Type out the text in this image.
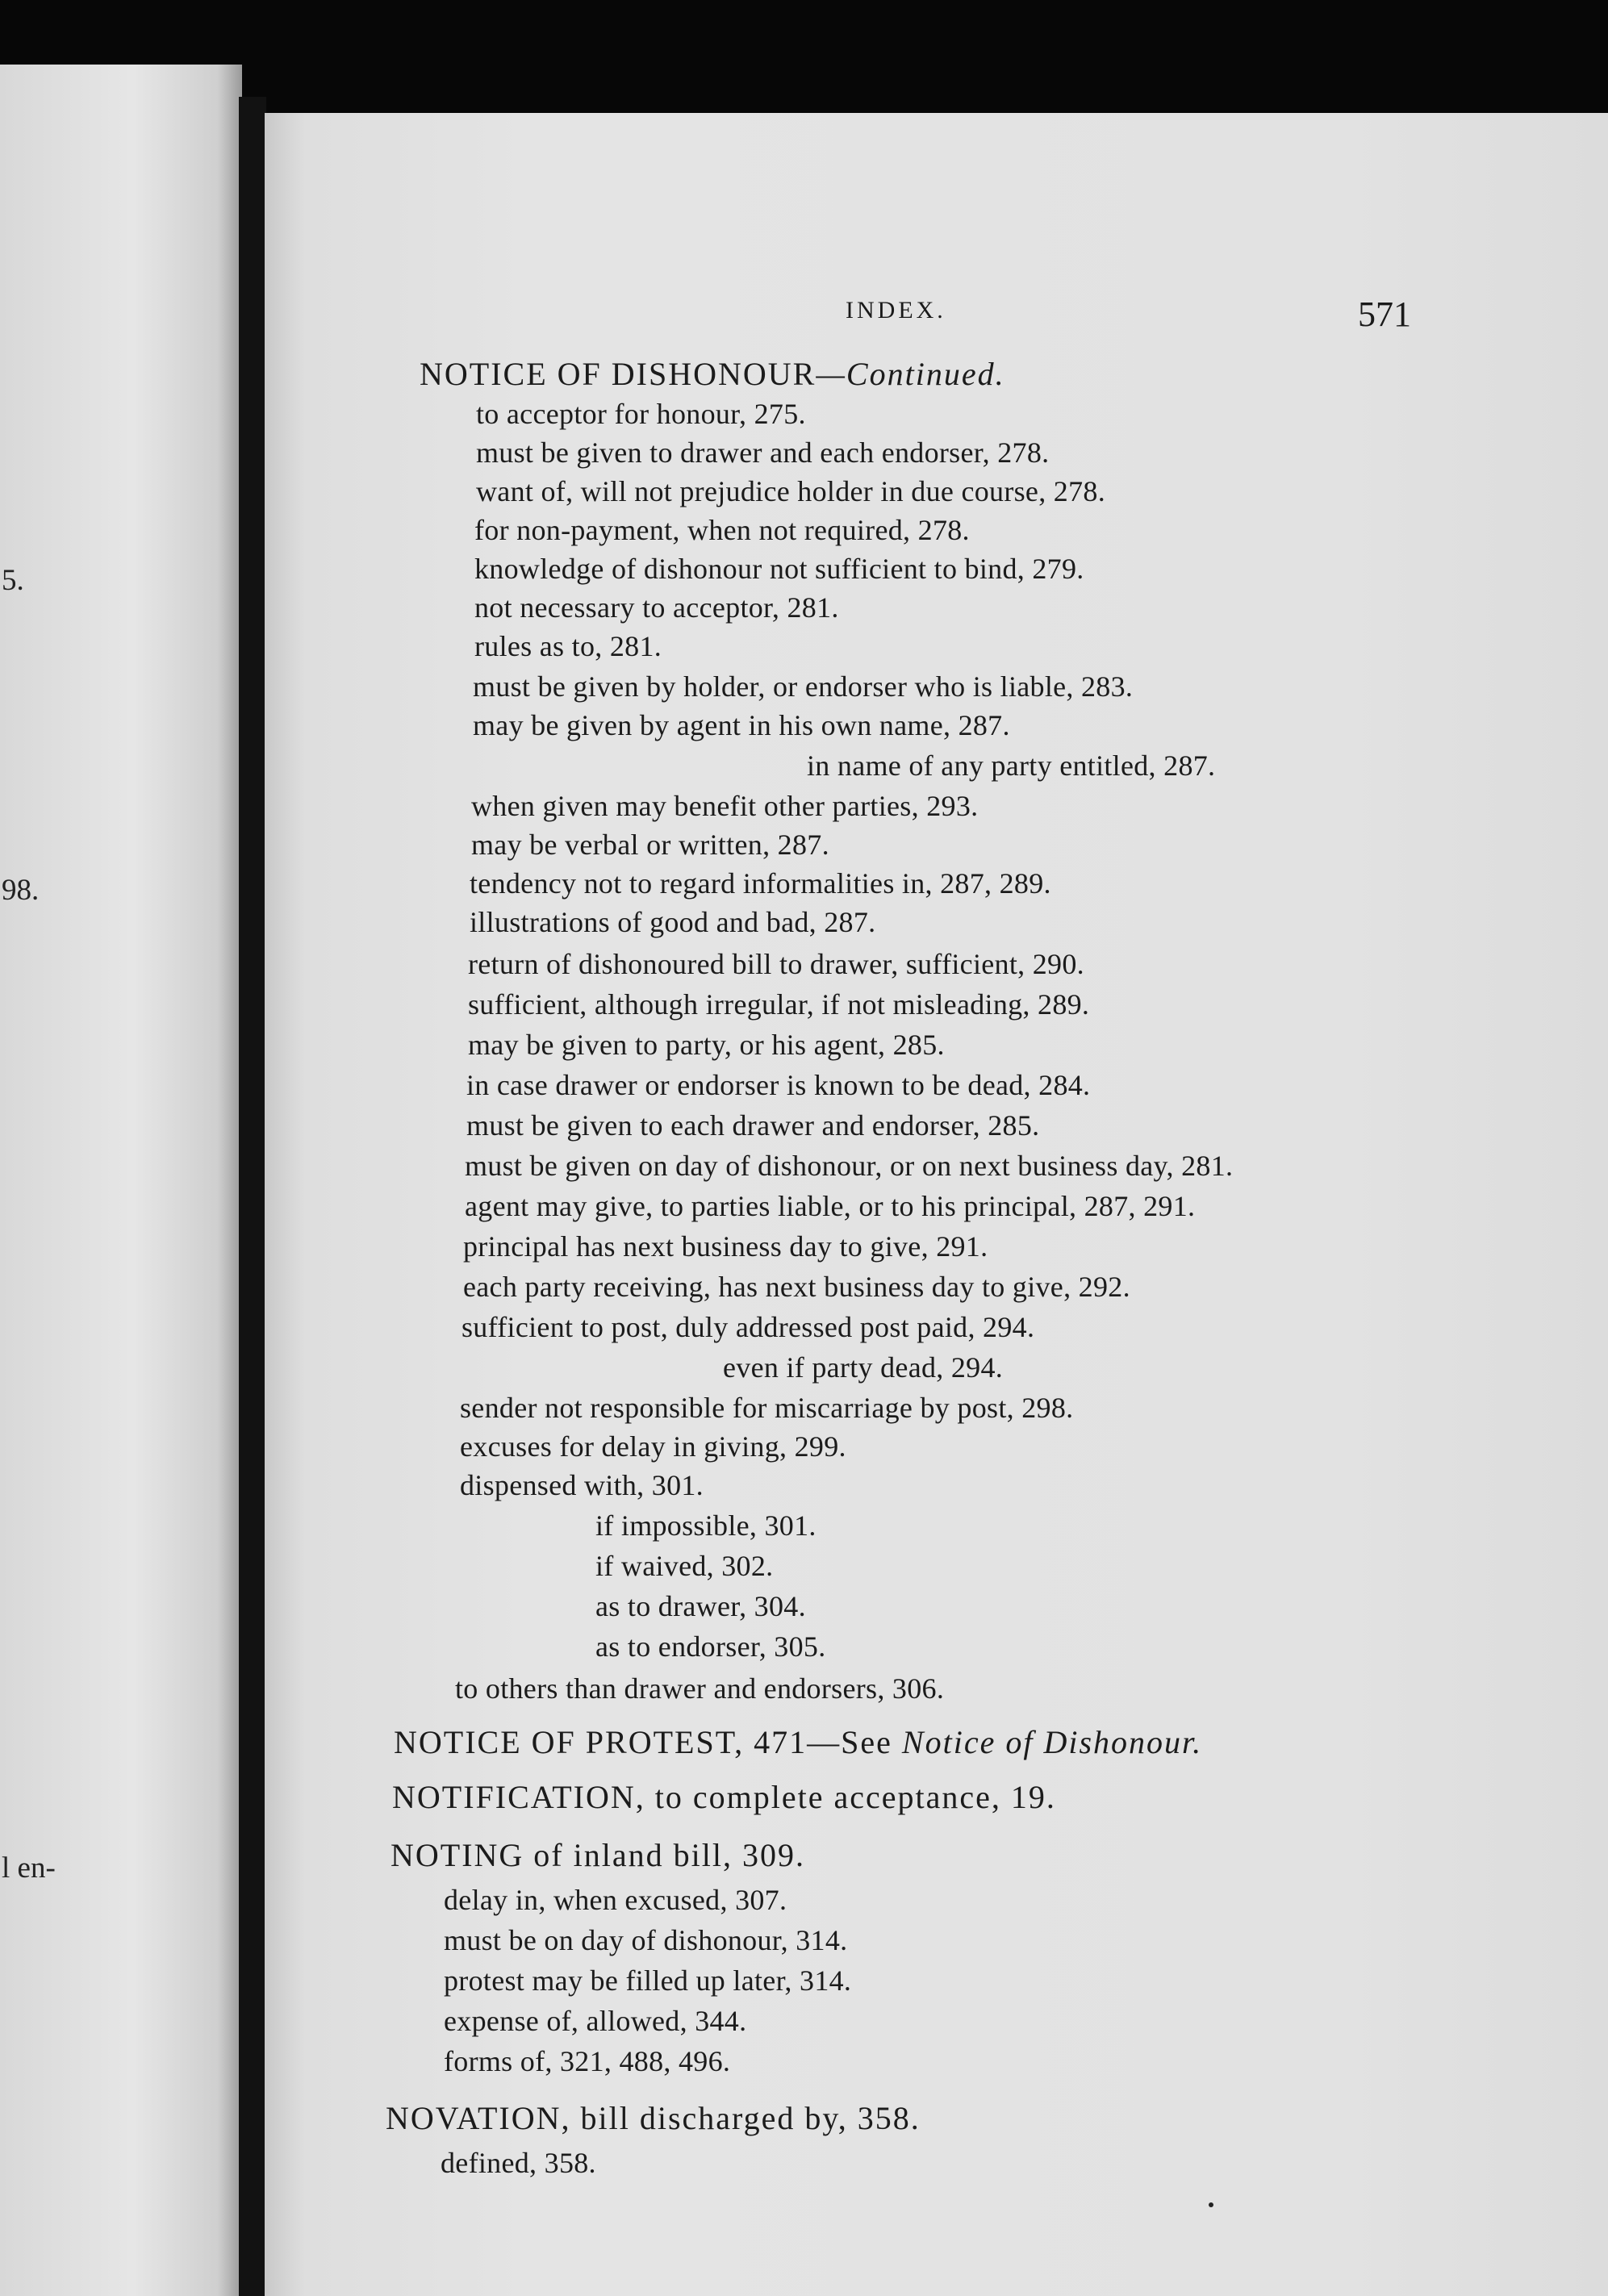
5.
98.
l en-
INDEX.	571
NOTICE OF DISHONOUR—Continued.
to acceptor for honour, 275.
must be given to drawer and each endorser, 278.
want of, will not prejudice holder in due course, 278.
for non-payment, when not required, 278.
knowledge of dishonour not sufficient to bind, 279.
not necessary to acceptor, 281.
rules as to, 281.
must be given by holder, or endorser who is liable, 283.
may be given by agent in his own name, 287.
in name of any party entitled, 287.
when given may benefit other parties, 293.
may be verbal or written, 287.
tendency not to regard informalities in, 287, 289.
illustrations of good and bad, 287.
return of dishonoured bill to drawer, sufficient, 290.
sufficient, although irregular, if not misleading, 289.
may be given to party, or his agent, 285.
in case drawer or endorser is known to be dead, 284.
must be given to each drawer and endorser, 285.
must be given on day of dishonour, or on next business day, 281.
agent may give, to parties liable, or to his principal, 287, 291.
principal has next business day to give, 291.
each party receiving, has next business day to give, 292.
sufficient to post, duly addressed post paid, 294.
even if party dead, 294.
sender not responsible for miscarriage by post, 298.
excuses for delay in giving, 299.
dispensed with, 301.
if impossible, 301.
if waived, 302.
as to drawer, 304.
as to endorser, 305.
to others than drawer and endorsers, 306.
NOTICE OF PROTEST, 471—See Notice of Dishonour.
NOTIFICATION, to complete acceptance, 19.
NOTING of inland bill, 309.
delay in, when excused, 307.
must be on day of dishonour, 314.
protest may be filled up later, 314.
expense of, allowed, 344.
forms of, 321, 488, 496.
NOVATION, bill discharged by, 358.
defined, 358.
